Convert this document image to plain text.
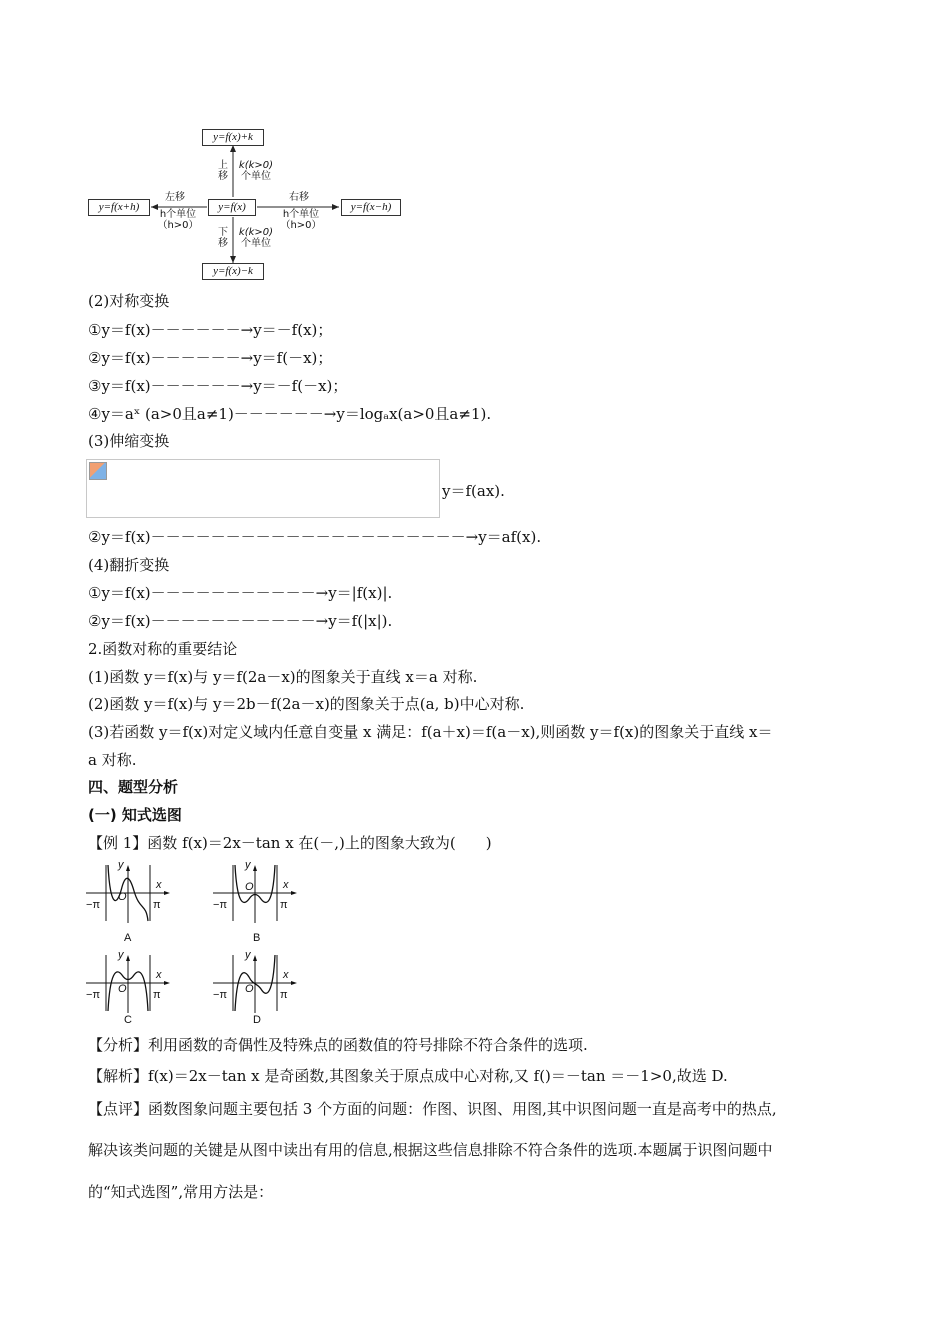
y=f(x)+k
y=f(x+h)	y=f(x)	y=f(x−h)
y=f(x)−k
上
移
k(k>0)
个单位
左移
h个单位
（h>0）
右移
h个单位
（h>0）
下
移
k(k>0)
个单位
(2)对称变换
①y＝f(x)－－－－－－→y＝－f(x)；
②y＝f(x)－－－－－－→y＝f(－x)；
③y＝f(x)－－－－－－→y＝－f(－x)；
④y＝aˣ (a>0且a≠1)－－－－－－→y＝logₐx(a>0且a≠1).
(3)伸缩变换
y＝f(ax).
②y＝f(x)－－－－－－－－－－－－－－－－－－－－－→y＝af(x).
(4)翻折变换
①y＝f(x)－－－－－－－－－－－→y＝|f(x)|.
②y＝f(x)－－－－－－－－－－－→y＝f(|x|).
2.函数对称的重要结论
(1)函数 y＝f(x)与 y＝f(2a－x)的图象关于直线 x＝a 对称.
(2)函数 y＝f(x)与 y＝2b－f(2a－x)的图象关于点(a, b)中心对称.
(3)若函数 y＝f(x)对定义域内任意自变量 x 满足：f(a＋x)＝f(a－x),则函数 y＝f(x)的图象关于直线 x＝
a 对称.
四、题型分析
(一) 知式选图
【例 1】函数 f(x)＝2x－tan x 在(－,)上的图象大致为(　　)
y
x
O
−π	π
A
y
x
O
−π	π
B
y
x
O
−π	π
C
y
x
O
−π	π
D
【分析】利用函数的奇偶性及特殊点的函数值的符号排除不符合条件的选项.
【解析】f(x)＝2x－tan x 是奇函数,其图象关于原点成中心对称,又 f()＝－tan ＝－1>0,故选 D.
【点评】函数图象问题主要包括 3 个方面的问题：作图、识图、用图,其中识图问题一直是高考中的热点,
解决该类问题的关键是从图中读出有用的信息,根据这些信息排除不符合条件的选项.本题属于识图问题中
的“知式选图”,常用方法是：
